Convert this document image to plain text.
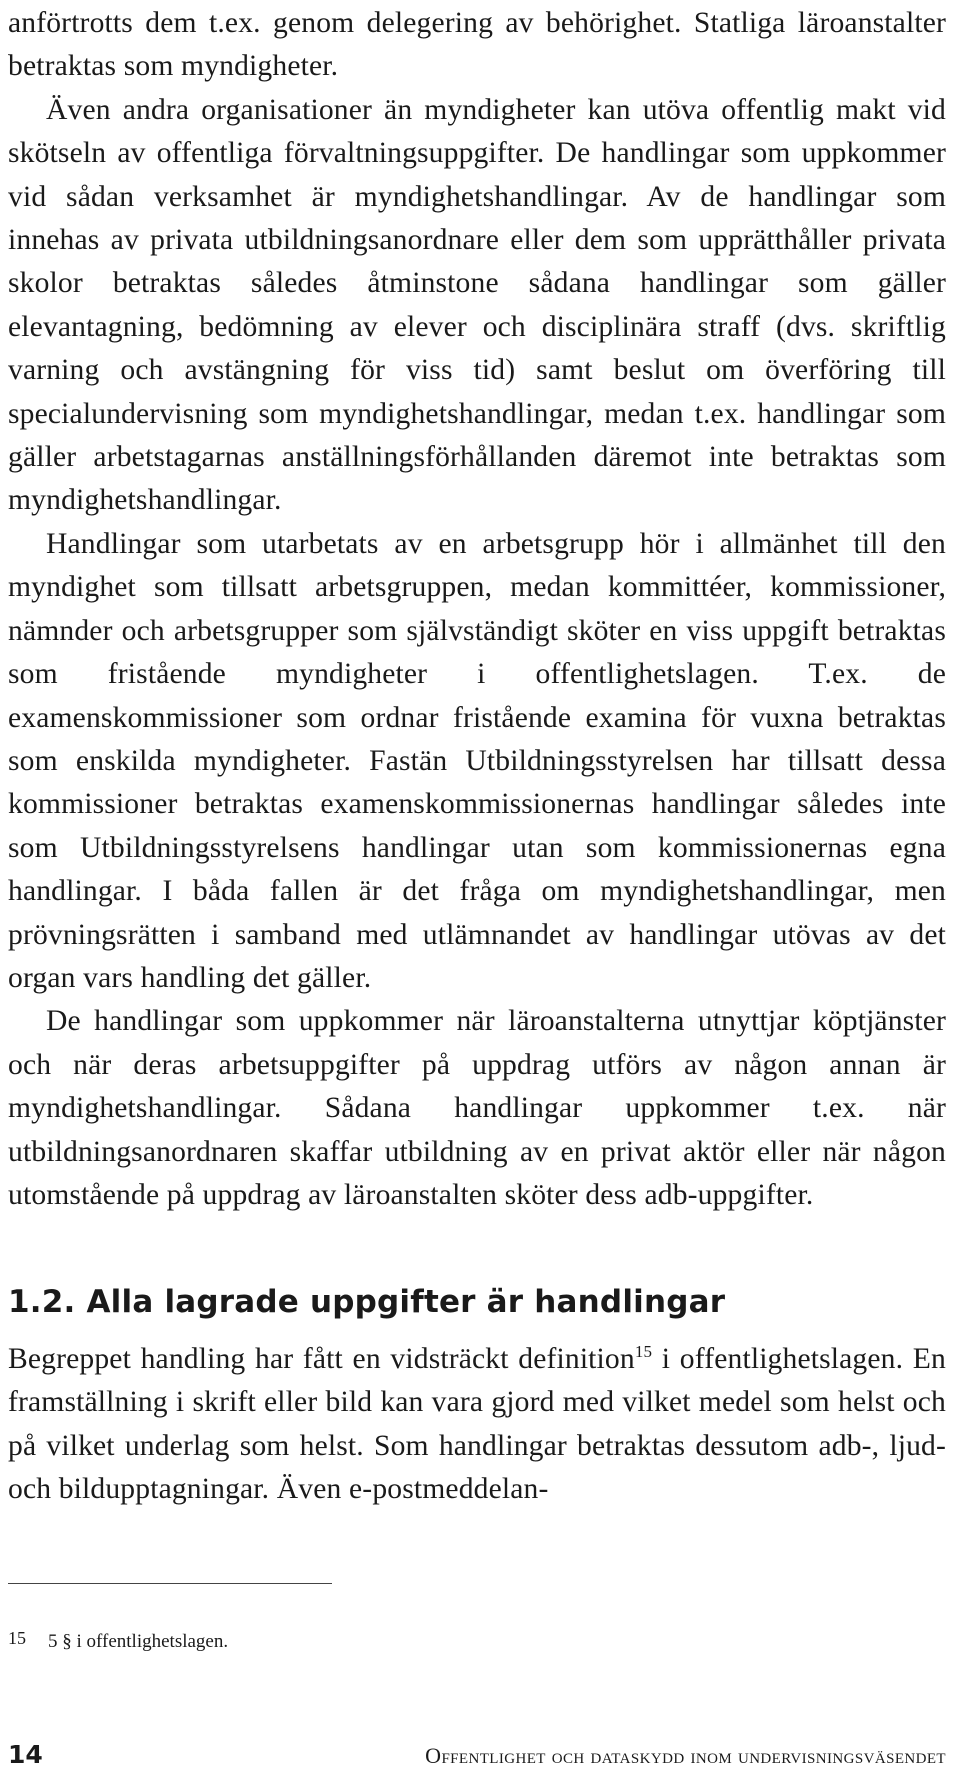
anförtrotts dem t.ex. genom delegering av behörighet. Statliga läroanstalter betraktas som myndigheter.

Även andra organisationer än myndigheter kan utöva offentlig makt vid skötseln av offentliga förvaltningsuppgifter. De handlingar som uppkommer vid sådan verksamhet är myndighetshandlingar. Av de handlingar som innehas av privata utbildningsanordnare eller dem som upprätthåller privata skolor betraktas således åtminstone sådana handlingar som gäller elevantagning, bedömning av elever och disciplinära straff (dvs. skriftlig varning och avstängning för viss tid) samt beslut om överföring till specialundervisning som myndighetshandlingar, medan t.ex. handlingar som gäller arbetstagarnas anställningsförhållanden däremot inte betraktas som myndighetshandlingar.

Handlingar som utarbetats av en arbetsgrupp hör i allmänhet till den myndighet som tillsatt arbetsgruppen, medan kommittéer, kommissioner, nämnder och arbetsgrupper som självständigt sköter en viss uppgift betraktas som fristående myndigheter i offentlighetslagen. T.ex. de examenskommissioner som ordnar fristående examina för vuxna betraktas som enskilda myndigheter. Fastän Utbildningsstyrelsen har tillsatt dessa kommissioner betraktas examenskommissionernas handlingar således inte som Utbildningsstyrelsens handlingar utan som kommissionernas egna handlingar. I båda fallen är det fråga om myndighetshandlingar, men prövningsrätten i samband med utlämnandet av handlingar utövas av det organ vars handling det gäller.

De handlingar som uppkommer när läroanstalterna utnyttjar köptjänster och när deras arbetsuppgifter på uppdrag utförs av någon annan är myndighetshandlingar. Sådana handlingar uppkommer t.ex. när utbildningsanordnaren skaffar utbildning av en privat aktör eller när någon utomstående på uppdrag av läroanstalten sköter dess adb-uppgifter.

1.2. Alla lagrade uppgifter är handlingar

Begreppet handling har fått en vidsträckt definition$^{15}$ i offentlighetslagen. En framställning i skrift eller bild kan vara gjord med vilket medel som helst och på vilket underlag som helst. Som handlingar betraktas dessutom adb-, ljud- och bildupptagningar. Även e-postmeddelan-

15 5 § i offentlighetslagen.
14	Offentlighet och dataskydd inom undervisningsväsendet
